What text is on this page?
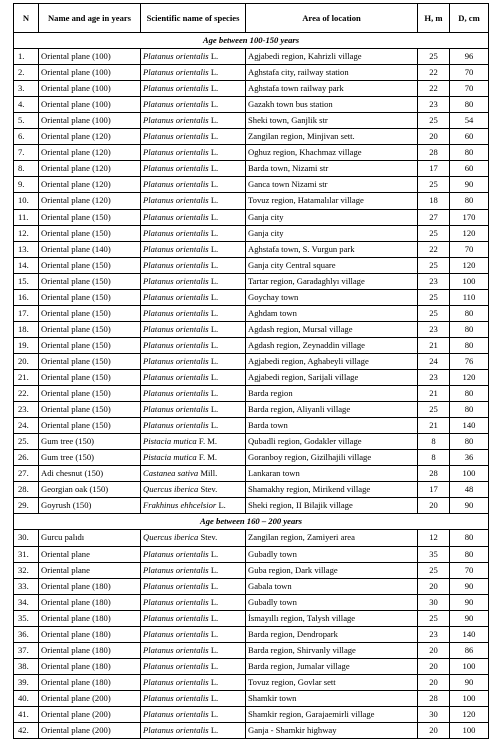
N	Name and age in years	Scientific name of species	Area of location	H, m	D, cm
Age between 100-150 years					
1.	Oriental plane (100)	Platanus orientalis L.	Agjabedi region, Kahrizli village	25	96
2.	Oriental plane (100)	Platanus orientalis L.	Aghstafa city, railway station	22	70
3.	Oriental plane (100)	Platanus orientalis L.	Aghstafa town railway park	22	70
4.	Oriental plane (100)	Platanus orientalis L.	Gazakh town bus station	23	80
5.	Oriental plane (100)	Platanus orientalis L.	Sheki town, Ganjlik str	25	54
6.	Oriental plane (120)	Platanus orientalis L.	Zangilan region, Minjivan sett.	20	60
7.	Oriental plane (120)	Platanus orientalis L.	Oghuz region, Khachmaz village	28	80
8.	Oriental plane (120)	Platanus orientalis L.	Barda town, Nizami str	17	60
9.	Oriental plane (120)	Platanus orientalis L.	Ganca town Nizami str	25	90
10.	Oriental plane (120)	Platanus orientalis L.	Tovuz region, Hatamalılar village	18	80
11.	Oriental plane (150)	Platanus orientalis L.	Ganja city	27	170
12.	Oriental plane (150)	Platanus orientalis L.	Ganja city	25	120
13.	Oriental plane (140)	Platanus orientalis L.	Aghstafa town, S. Vurgun park	22	70
14.	Oriental plane (150)	Platanus orientalis L.	Ganja city Central square	25	120
15.	Oriental plane (150)	Platanus orientalis L.	Tartar region, Garadaghlyı village	23	100
16.	Oriental plane (150)	Platanus orientalis L.	Goychay town	25	110
17.	Oriental plane (150)	Platanus orientalis L.	Aghdam town	25	80
18.	Oriental plane (150)	Platanus orientalis L.	Agdash region, Mursal village	23	80
19.	Oriental plane (150)	Platanus orientalis L.	Agdash region, Zeynaddin village	21	80
20.	Oriental plane (150)	Platanus orientalis L.	Agjabedi region, Aghabeyli village	24	76
21.	Oriental plane (150)	Platanus orientalis L.	Agjabedi region, Sarijali village	23	120
22.	Oriental plane (150)	Platanus orientalis L.	Barda region	21	80
23.	Oriental plane (150)	Platanus orientalis L.	Barda region, Aliyanli village	25	80
24.	Oriental plane (150)	Platanus orientalis L.	Barda town	21	140
25.	Gum tree (150)	Pistacia mutica F. M.	Qubadli region, Godakler village	8	80
26.	Gum tree (150)	Pistacia mutica F. M.	Goranboy region, Gizilhajili village	8	36
27.	Adi chesnut (150)	Castanea sativa Mill.	Lankaran town	28	100
28.	Georgian oak (150)	Quercus iberica Stev.	Shamakhy region, Mirikend village	17	48
29.	Goyrush (150)	Frakhinus ehhcelsior L.	Sheki region, II Bilajik village	20	90
Age between 160 – 200 years					
30.	Gurcu palıdı	Quercus iberica Stev.	Zangilan region, Zamiyeri area	12	80
31.	Oriental plane	Platanus orientalis L.	Gubadly town	35	80
32.	Oriental plane	Platanus orientalis L.	Guba region, Dark village	25	70
33.	Oriental plane (180)	Platanus orientalis L.	Gabala town	20	90
34.	Oriental plane (180)	Platanus orientalis L.	Gubadly town	30	90
35.	Oriental plane (180)	Platanus orientalis L.	İsmayıllı region, Talysh village	25	90
36.	Oriental plane (180)	Platanus orientalis L.	Barda region, Dendropark	23	140
37.	Oriental plane (180)	Platanus orientalis L.	Barda region, Shirvanly village	20	86
38.	Oriental plane (180)	Platanus orientalis L.	Barda region, Jumalar village	20	100
39.	Oriental plane (180)	Platanus orientalis L.	Tovuz region, Govlar sett	20	90
40.	Oriental plane (200)	Platanus orientalis L.	Shamkir town	28	100
41.	Oriental plane (200)	Platanus orientalis L.	Shamkir region, Garajaemirli village	30	120
42.	Oriental plane (200)	Platanus orientalis L.	Ganja - Shamkir highway	20	100
